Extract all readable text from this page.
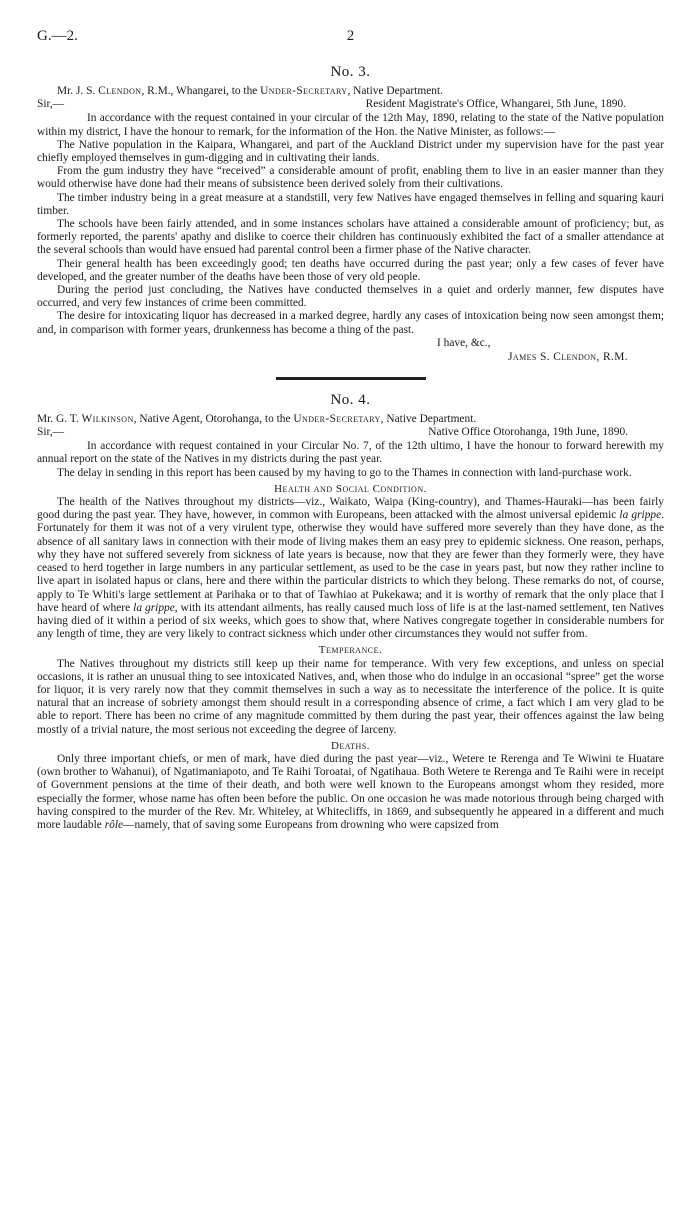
G.—2.	2
No. 3.

Mr. J. S. Clendon, R.M., Whangarei, to the Under-Secretary, Native Department.

Sir,—	Resident Magistrate's Office, Whangarei, 5th June, 1890.

In accordance with the request contained in your circular of the 12th May, 1890, relating to the state of the Native population within my district, I have the honour to remark, for the information of the Hon. the Native Minister, as follows:—

The Native population in the Kaipara, Whangarei, and part of the Auckland District under my supervision have for the past year chiefly employed themselves in gum-digging and in cultivating their lands.

From the gum industry they have “received” a considerable amount of profit, enabling them to live in an easier manner than they would otherwise have done had their means of subsistence been derived solely from their cultivations.

The timber industry being in a great measure at a standstill, very few Natives have engaged themselves in felling and squaring kauri timber.

The schools have been fairly attended, and in some instances scholars have attained a considerable amount of proficiency; but, as formerly reported, the parents' apathy and dislike to coerce their children has continuously exhibited the fact of a smaller attendance at the several schools than would have ensued had parental control been a firmer phase of the Native character.

Their general health has been exceedingly good; ten deaths have occurred during the past year; only a few cases of fever have developed, and the greater number of the deaths have been those of very old people.

During the period just concluding, the Natives have conducted themselves in a quiet and orderly manner, few disputes have occurred, and very few instances of crime been committed.

The desire for intoxicating liquor has decreased in a marked degree, hardly any cases of intoxication being now seen amongst them; and, in comparison with former years, drunkenness has become a thing of the past.

I have, &c.,
James S. Clendon, R.M.
No. 4.

Mr. G. T. Wilkinson, Native Agent, Otorohanga, to the Under-Secretary, Native Department.

Sir,—	Native Office Otorohanga, 19th June, 1890.

In accordance with request contained in your Circular No. 7, of the 12th ultimo, I have the honour to forward herewith my annual report on the state of the Natives in my districts during the past year.

The delay in sending in this report has been caused by my having to go to the Thames in connection with land-purchase work.

Health and Social Condition.

The health of the Natives throughout my districts—viz., Waikato, Waipa (King-country), and Thames-Hauraki—has been fairly good during the past year. They have, however, in common with Europeans, been attacked with the almost universal epidemic la grippe. Fortunately for them it was not of a very virulent type, otherwise they would have suffered more severely than they have done, as the absence of all sanitary laws in connection with their mode of living makes them an easy prey to epidemic sickness. One reason, perhaps, why they have not suffered severely from sickness of late years is because, now that they are fewer than they formerly were, they have ceased to herd together in large numbers in any particular settlement, as used to be the case in years past, but now they rather incline to live apart in isolated hapus or clans, here and there within the particular districts to which they belong. These remarks do not, of course, apply to Te Whiti's large settlement at Parihaka or to that of Tawhiao at Pukekawa; and it is worthy of remark that the only place that I have heard of where la grippe, with its attendant ailments, has really caused much loss of life is at the last-named settlement, ten Natives having died of it within a period of six weeks, which goes to show that, where Natives congregate together in considerable numbers for any length of time, they are very likely to contract sickness which under other circumstances they would not suffer from.

Temperance.

The Natives throughout my districts still keep up their name for temperance. With very few exceptions, and unless on special occasions, it is rather an unusual thing to see intoxicated Natives, and, when those who do indulge in an occasional “spree” get the worse for liquor, it is very rarely now that they commit themselves in such a way as to necessitate the interference of the police. It is quite natural that an increase of sobriety amongst them should result in a corresponding absence of crime, a fact which I am very glad to be able to report. There has been no crime of any magnitude committed by them during the past year, their offences against the law being mostly of a trivial nature, the most serious not exceeding the degree of larceny.

Deaths.

Only three important chiefs, or men of mark, have died during the past year—viz., Wetere te Rerenga and Te Wiwini te Huatare (own brother to Wahanui), of Ngatimaniapoto, and Te Raihi Toroatai, of Ngatihaua. Both Wetere te Rerenga and Te Raihi were in receipt of Government pensions at the time of their death, and both were well known to the Europeans amongst whom they resided, more especially the former, whose name has often been before the public. On one occasion he was made notorious through being charged with having conspired to the murder of the Rev. Mr. Whiteley, at Whitecliffs, in 1869, and subsequently he appeared in a different and much more laudable rôle—namely, that of saving some Europeans from drowning who were capsized from
